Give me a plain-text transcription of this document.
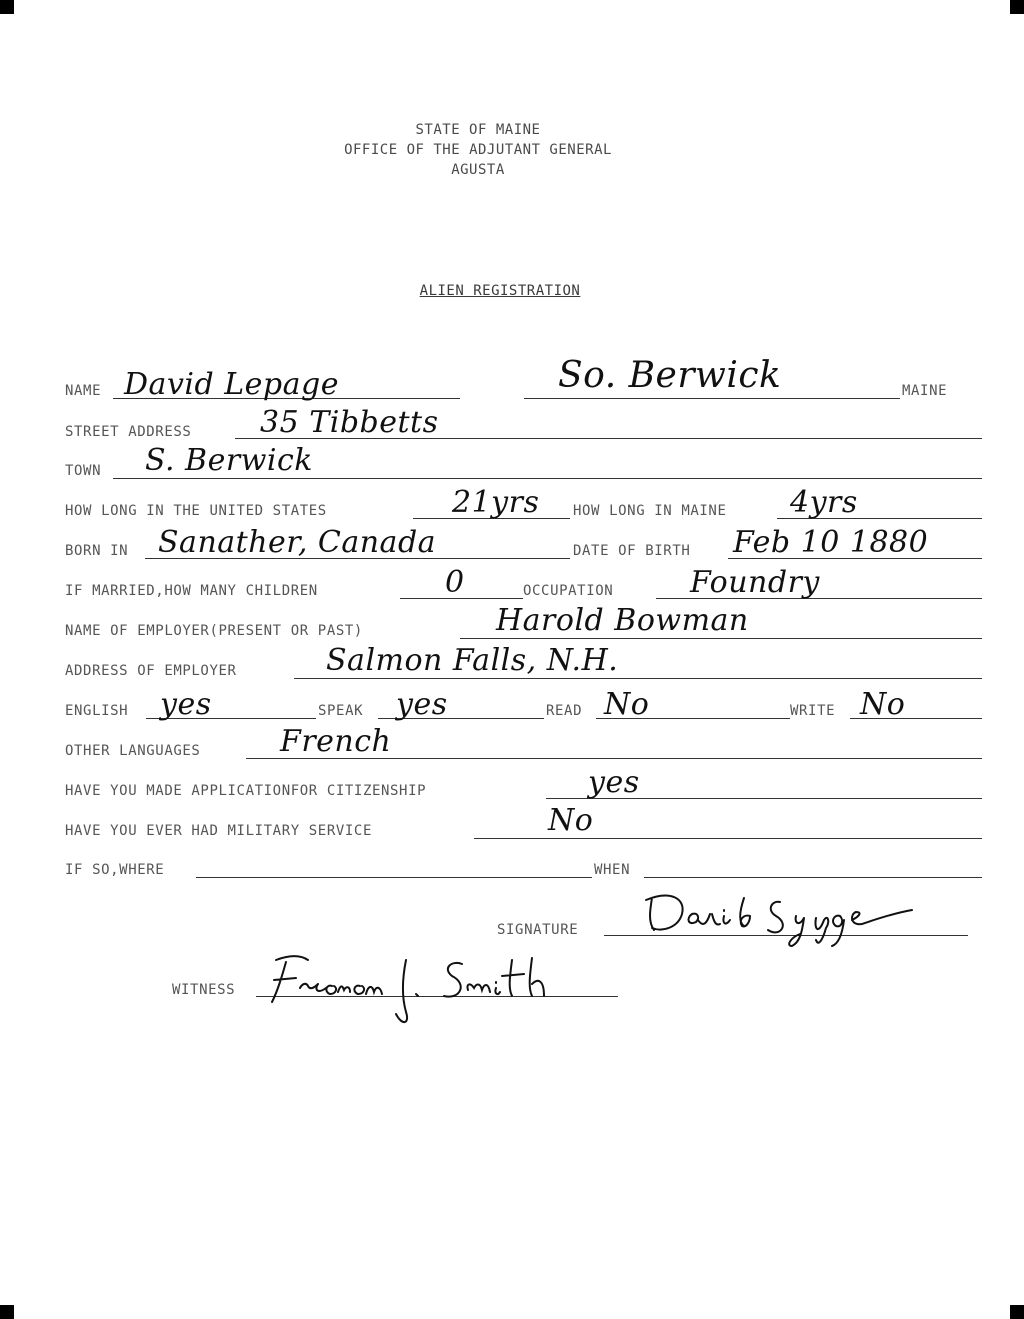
STATE OF MAINE
OFFICE OF THE ADJUTANT GENERAL
AGUSTA
ALIEN REGISTRATION
NAME David Lepage	So. Berwick	MAINE
STREET ADDRESS 35 Tibbetts
TOWN S. Berwick
HOW LONG IN THE UNITED STATES	21yrs HOW LONG IN MAINE 4yrs
BORN IN Sanather, Canada	DATE OF BIRTH Feb 10 1880
IF MARRIED,HOW MANY CHILDREN	0	OCCUPATION	Foundry
NAME OF EMPLOYER(PRESENT OR PAST)	Harold Bowman
ADDRESS OF EMPLOYER	Salmon Falls, N.H.
ENGLISH yes	SPEAK yes	READ No	WRITE No
OTHER LANGUAGES	French
HAVE YOU MADE APPLICATIONFOR CITIZENSHIP	yes
HAVE YOU EVER HAD MILITARY SERVICE	No
IF SO,WHERE	WHEN
SIGNATURE
WITNESS
